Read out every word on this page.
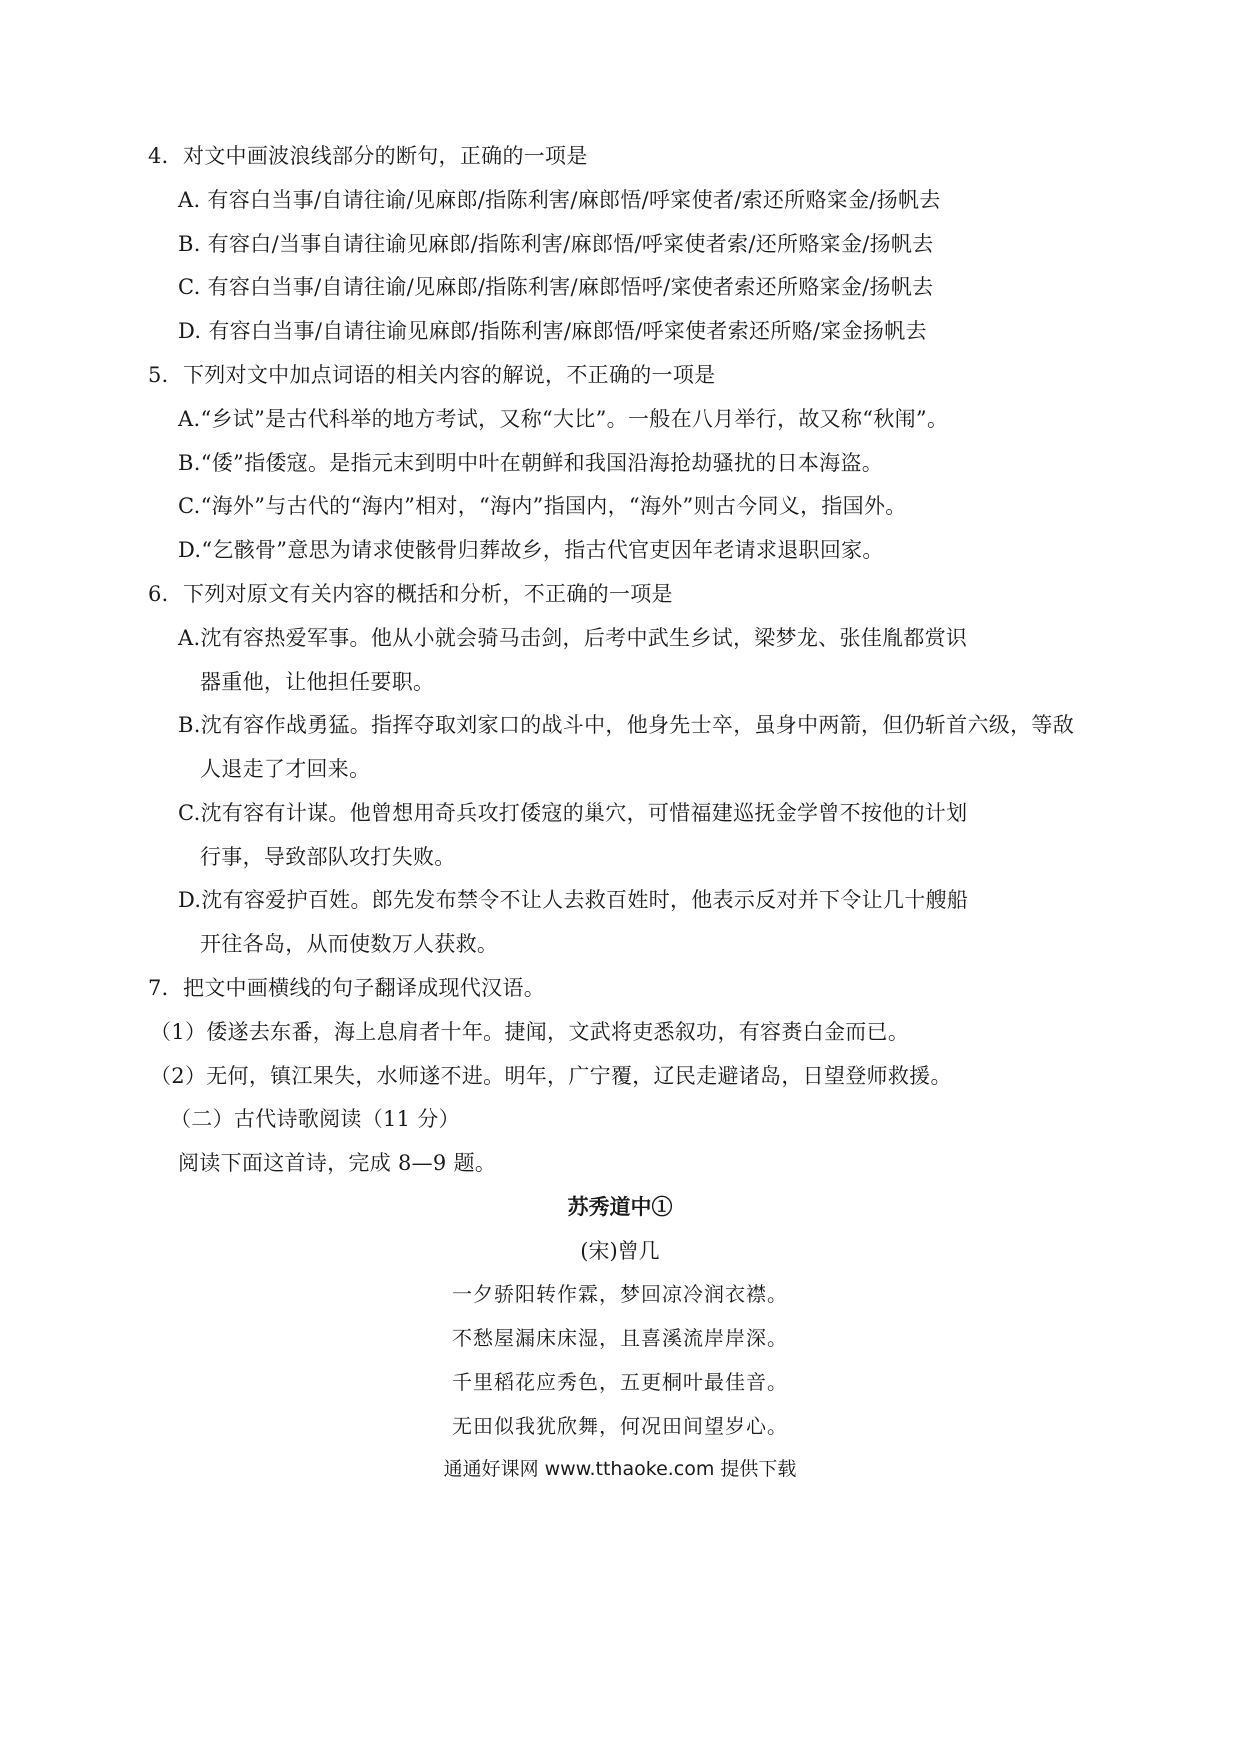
4．对文中画波浪线部分的断句，正确的一项是
A. 有容白当事/自请往谕/见麻郎/指陈利害/麻郎悟/呼寀使者/索还所赂寀金/扬帆去
B. 有容白/当事自请往谕见麻郎/指陈利害/麻郎悟/呼寀使者索/还所赂寀金/扬帆去
C. 有容白当事/自请往谕/见麻郎/指陈利害/麻郎悟呼/寀使者索还所赂寀金/扬帆去
D. 有容白当事/自请往谕见麻郎/指陈利害/麻郎悟/呼寀使者索还所赂/寀金扬帆去
5．下列对文中加点词语的相关内容的解说，不正确的一项是
A.“乡试”是古代科举的地方考试，又称“大比”。一般在八月举行，故又称“秋闱”。
B.“倭”指倭寇。是指元末到明中叶在朝鲜和我国沿海抢劫骚扰的日本海盗。
C.“海外”与古代的“海内”相对，“海内”指国内，“海外”则古今同义，指国外。
D.“乞骸骨”意思为请求使骸骨归葬故乡，指古代官吏因年老请求退职回家。
6．下列对原文有关内容的概括和分析，不正确的一项是
A.沈有容热爱军事。他从小就会骑马击剑，后考中武生乡试，梁梦龙、张佳胤都赏识
器重他，让他担任要职。
B.沈有容作战勇猛。指挥夺取刘家口的战斗中，他身先士卒，虽身中两箭，但仍斩首六级，等敌
人退走了才回来。
C.沈有容有计谋。他曾想用奇兵攻打倭寇的巢穴，可惜福建巡抚金学曾不按他的计划
行事，导致部队攻打失败。
D.沈有容爱护百姓。郎先发布禁令不让人去救百姓时，他表示反对并下令让几十艘船
开往各岛，从而使数万人获救。
7．把文中画横线的句子翻译成现代汉语。
（1）倭遂去东番，海上息肩者十年。捷闻，文武将吏悉叙功，有容赉白金而已。
（2）无何，镇江果失，水师遂不进。明年，广宁覆，辽民走避诸岛，日望登师救援。
（二）古代诗歌阅读（11 分）
阅读下面这首诗，完成 8—9 题。
苏秀道中①
(宋)曾几
一夕骄阳转作霖，梦回凉冷润衣襟。
不愁屋漏床床湿，且喜溪流岸岸深。
千里稻花应秀色，五更桐叶最佳音。
无田似我犹欣舞，何况田间望岁心。
通通好课网 www.tthaoke.com 提供下载
